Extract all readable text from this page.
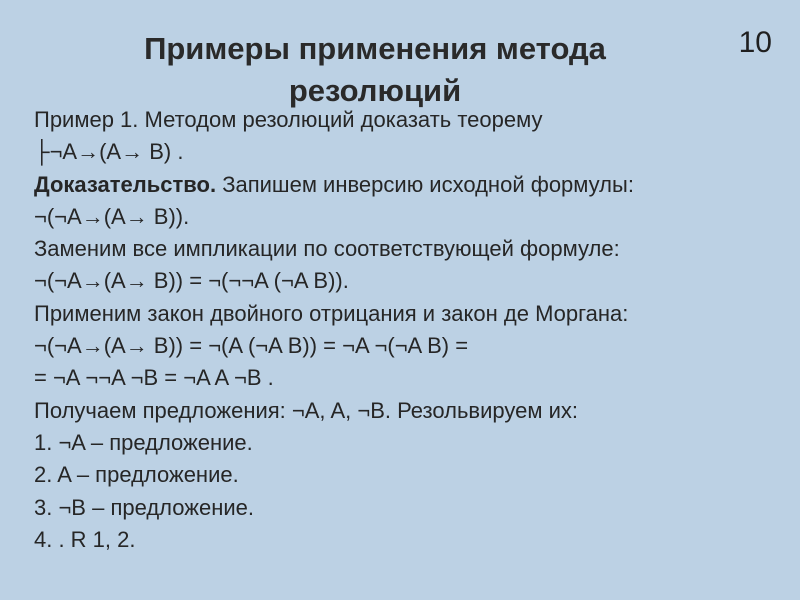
Примеры применения метода
резолюций
10
Пример 1. Методом резолюций доказать теорему
├¬A→(A→ B) .
Доказательство. Запишем инверсию исходной формулы:
¬(¬A→(A→ B)).
Заменим все импликации по соответствующей формуле:
¬(¬A→(A→ B)) = ¬(¬¬A (¬A B)).
Применим закон двойного отрицания и закон де Моргана:
¬(¬A→(A→ B)) = ¬(A (¬A B)) = ¬A ¬(¬A B) =
= ¬A ¬¬A ¬B = ¬A A ¬B .
Получаем предложения: ¬A, A, ¬B. Резольвируем их:
1. ¬A – предложение.
2. A – предложение.
3. ¬B – предложение.
4. . R 1, 2.
